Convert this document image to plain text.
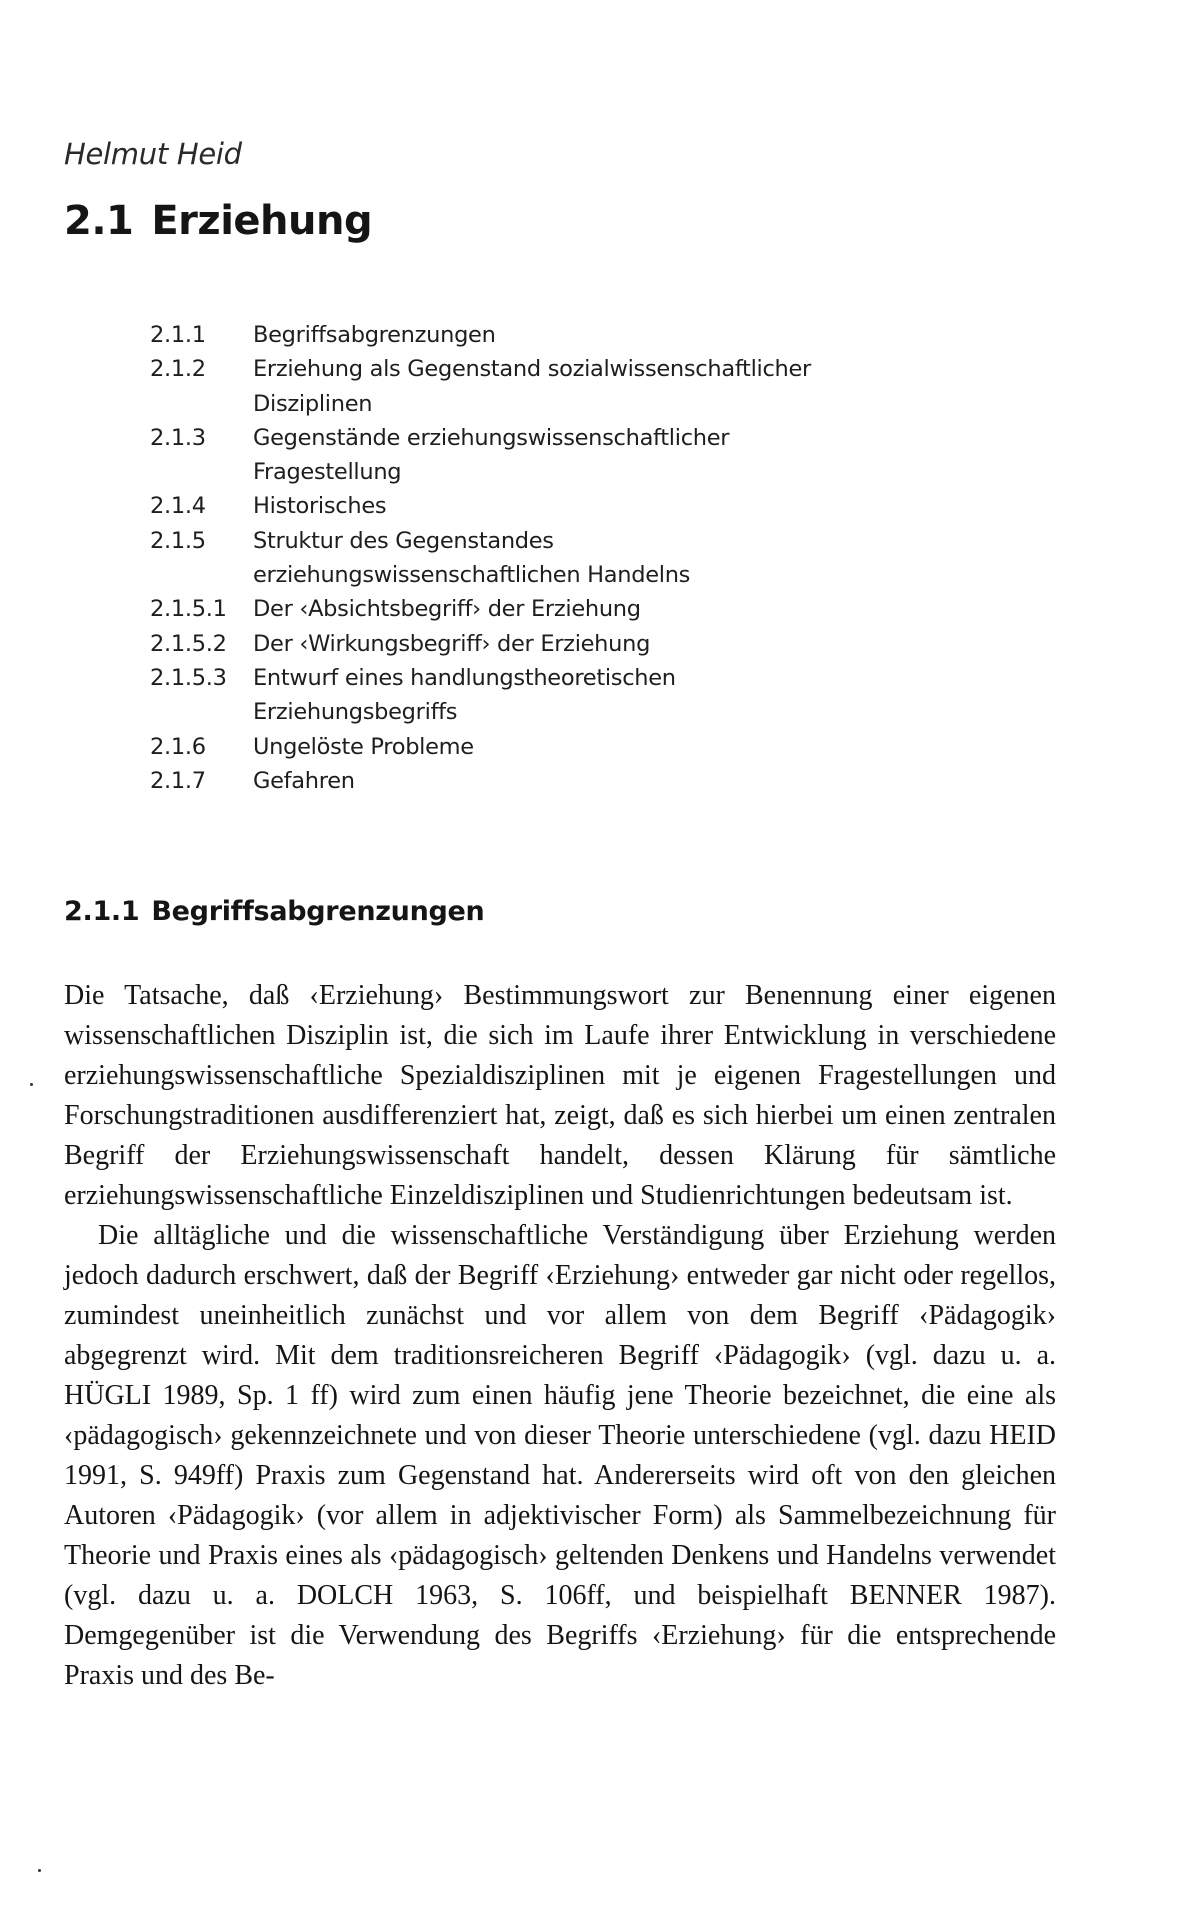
Helmut Heid
2.1 Erziehung
2.1.1	Begriffsabgrenzungen
2.1.2	Erziehung als Gegenstand sozialwissenschaftlicher
Disziplinen
2.1.3	Gegenstände erziehungswissenschaftlicher
Fragestellung
2.1.4	Historisches
2.1.5	Struktur des Gegenstandes
erziehungswissenschaftlichen Handelns
2.1.5.1	Der ‹Absichtsbegriff› der Erziehung
2.1.5.2	Der ‹Wirkungsbegriff› der Erziehung
2.1.5.3	Entwurf eines handlungstheoretischen
Erziehungsbegriffs
2.1.6	Ungelöste Probleme
2.1.7	Gefahren
2.1.1 Begriffsabgrenzungen

Die Tatsache, daß ‹Erziehung› Bestimmungswort zur Benennung einer eigenen wissenschaftlichen Disziplin ist, die sich im Laufe ihrer Entwicklung in verschiedene erziehungswissenschaftliche Spezialdisziplinen mit je eigenen Fragestellungen und Forschungstraditionen ausdifferenziert hat, zeigt, daß es sich hierbei um einen zentralen Begriff der Erziehungswissenschaft handelt, dessen Klärung für sämtliche erziehungswissenschaftliche Einzeldisziplinen und Studienrichtungen bedeutsam ist.

Die alltägliche und die wissenschaftliche Verständigung über Erziehung werden jedoch dadurch erschwert, daß der Begriff ‹Erziehung› entweder gar nicht oder regellos, zumindest uneinheitlich zunächst und vor allem von dem Begriff ‹Pädagogik› abgegrenzt wird. Mit dem traditionsreicheren Begriff ‹Pädagogik› (vgl. dazu u. a. HÜGLI 1989, Sp. 1 ff) wird zum einen häufig jene Theorie bezeichnet, die eine als ‹pädagogisch› gekennzeichnete und von dieser Theorie unterschiedene (vgl. dazu HEID 1991, S. 949ff) Praxis zum Gegenstand hat. Andererseits wird oft von den gleichen Autoren ‹Pädagogik› (vor allem in adjektivischer Form) als Sammelbezeichnung für Theorie und Praxis eines als ‹pädagogisch› geltenden Denkens und Handelns verwendet (vgl. dazu u. a. DOLCH 1963, S. 106ff, und beispielhaft BENNER 1987). Demgegenüber ist die Verwendung des Begriffs ‹Erziehung› für die entsprechende Praxis und des Be-
